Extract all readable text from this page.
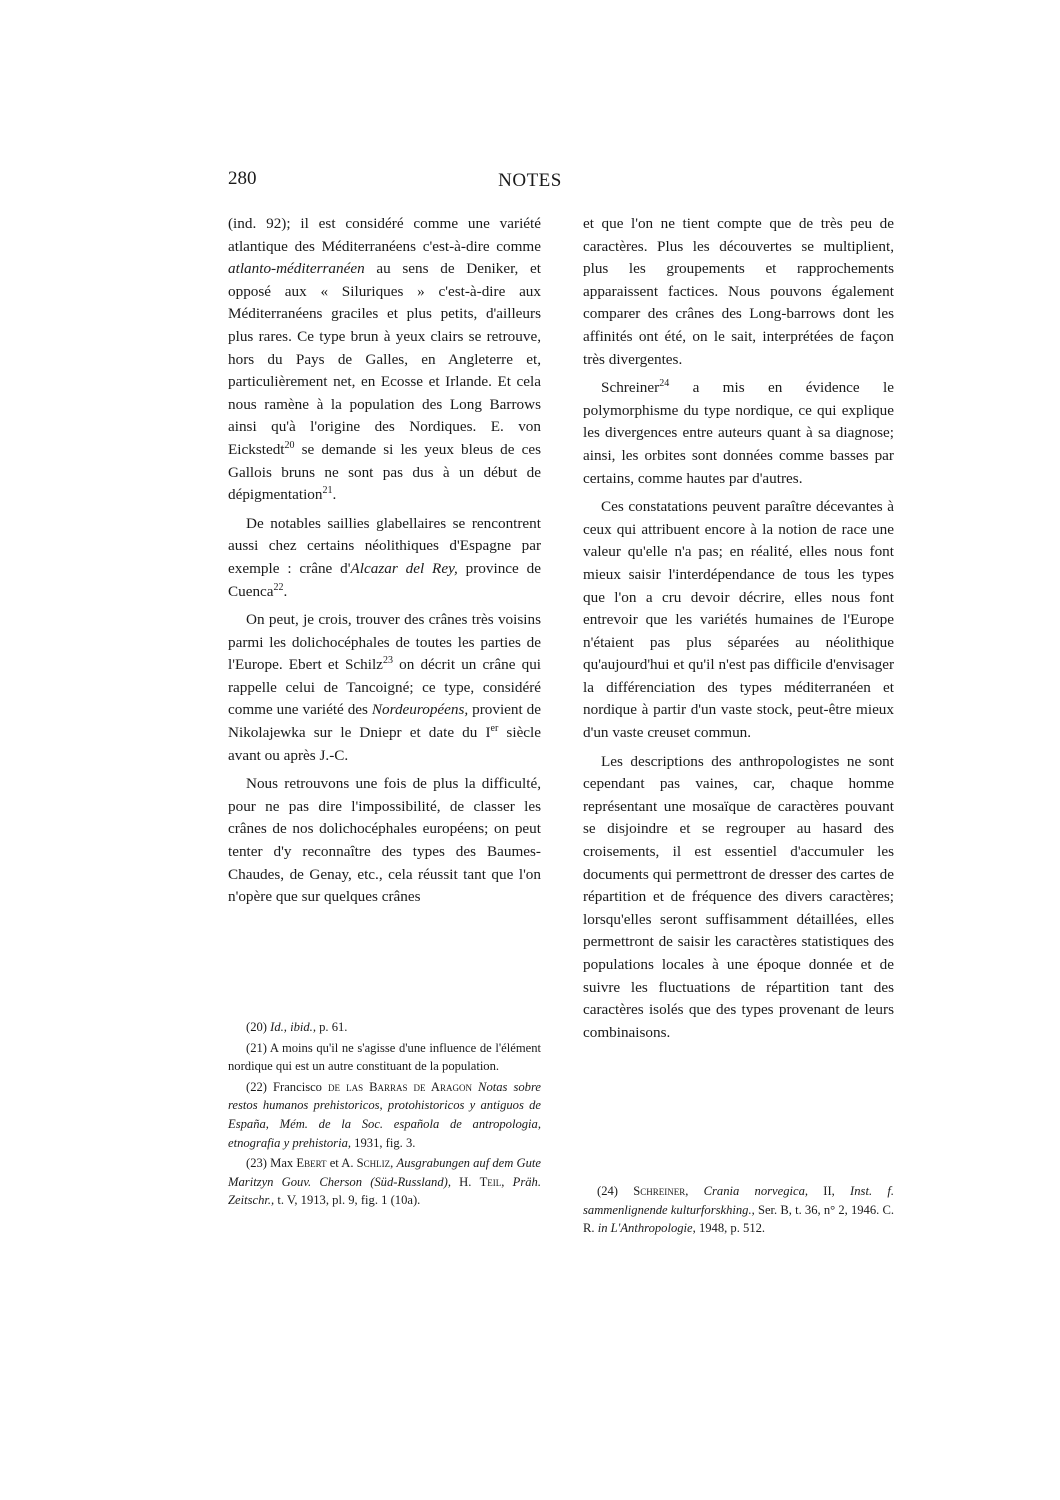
280	NOTES

(ind. 92); il est considéré comme une variété atlantique des Méditerranéens c'est-à-dire comme atlanto-méditerranéen au sens de Deniker, et opposé aux « Siluriques » c'est-à-dire aux Méditerranéens graciles et plus petits, d'ailleurs plus rares. Ce type brun à yeux clairs se retrouve, hors du Pays de Galles, en Angleterre et, particulièrement net, en Ecosse et Irlande. Et cela nous ramène à la population des Long Barrows ainsi qu'à l'origine des Nordiques. E. von Eickstedt$^{20}$ se demande si les yeux bleus de ces Gallois bruns ne sont pas dus à un début de dépigmentation$^{21}$.

De notables saillies glabellaires se rencontrent aussi chez certains néolithiques d'Espagne par exemple : crâne d'Alcazar del Rey, province de Cuenca$^{22}$.

On peut, je crois, trouver des crânes très voisins parmi les dolichocéphales de toutes les parties de l'Europe. Ebert et Schilz$^{23}$ on décrit un crâne qui rappelle celui de Tancoigné; ce type, considéré comme une variété des Nordeuropéens, provient de Nikolajewka sur le Dniepr et date du Ier siècle avant ou après J.-C.

Nous retrouvons une fois de plus la difficulté, pour ne pas dire l'impossibilité, de classer les crânes de nos dolichocéphales européens; on peut tenter d'y reconnaître des types des Baumes-Chaudes, de Genay, etc., cela réussit tant que l'on n'opère que sur quelques crânes

et que l'on ne tient compte que de très peu de caractères. Plus les découvertes se multiplient, plus les groupements et rapprochements apparaissent factices. Nous pouvons également comparer des crânes des Long-barrows dont les affinités ont été, on le sait, interprétées de façon très divergentes.

Schreiner$^{24}$ a mis en évidence le polymorphisme du type nordique, ce qui explique les divergences entre auteurs quant à sa diagnose; ainsi, les orbites sont données comme basses par certains, comme hautes par d'autres.

Ces constatations peuvent paraître décevantes à ceux qui attribuent encore à la notion de race une valeur qu'elle n'a pas; en réalité, elles nous font mieux saisir l'interdépendance de tous les types que l'on a cru devoir décrire, elles nous font entrevoir que les variétés humaines de l'Europe n'étaient pas plus séparées au néolithique qu'aujourd'hui et qu'il n'est pas difficile d'envisager la différenciation des types méditerranéen et nordique à partir d'un vaste stock, peut-être mieux d'un vaste creuset commun.

Les descriptions des anthropologistes ne sont cependant pas vaines, car, chaque homme représentant une mosaïque de caractères pouvant se disjoindre et se regrouper au hasard des croisements, il est essentiel d'accumuler les documents qui permettront de dresser des cartes de répartition et de fréquence des divers caractères; lorsqu'elles seront suffisamment détaillées, elles permettront de saisir les caractères statistiques des populations locales à une époque donnée et de suivre les fluctuations de répartition tant des caractères isolés que des types provenant de leurs combinaisons.

(20) Id., ibid., p. 61.

(21) A moins qu'il ne s'agisse d'une influence de l'élément nordique qui est un autre constituant de la population.

(22) Francisco de las Barras de Aragon Notas sobre restos humanos prehistoricos, protohistoricos y antiguos de España, Mém. de la Soc. española de antropologia, etnografia y prehistoria, 1931, fig. 3.

(23) Max Ebert et A. Schliz, Ausgrabungen auf dem Gute Maritzyn Gouv. Cherson (Süd-Russland), H. Teil, Präh. Zeitschr., t. V, 1913, pl. 9, fig. 1 (10a).

(24) Schreiner, Crania norvegica, II, Inst. f. sammenlignende kulturforskhing., Ser. B, t. 36, n° 2, 1946. C. R. in L'Anthropologie, 1948, p. 512.
